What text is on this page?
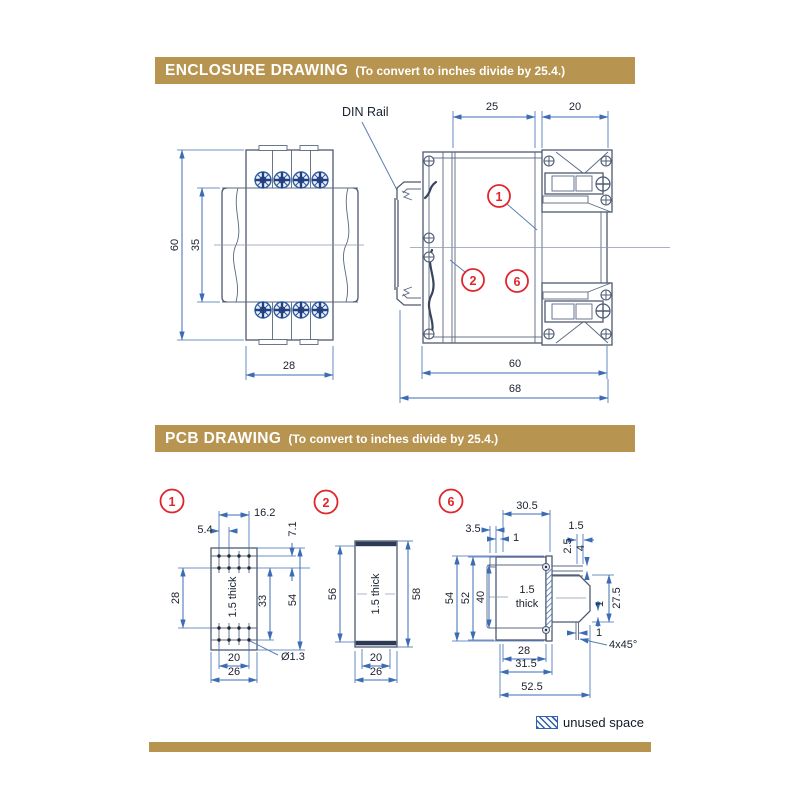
ENCLOSURE DRAWING (To convert to inches divide by 25.4.)
PCB DRAWING (To convert to inches divide by 25.4.)
60 35
28
DIN Rail	25	20
60
68
1
2	6
1
1.5 thick
16.2
5.4	7.1
28	33 54
Ø1.3
20
26
2
1.5 thick
56	58
20
26
6
1.5
thick
30.5
3.5
1
1.5
2.5 4
54 52 40	27.5
1
1
4x45°
28
31.5
52.5
unused space
